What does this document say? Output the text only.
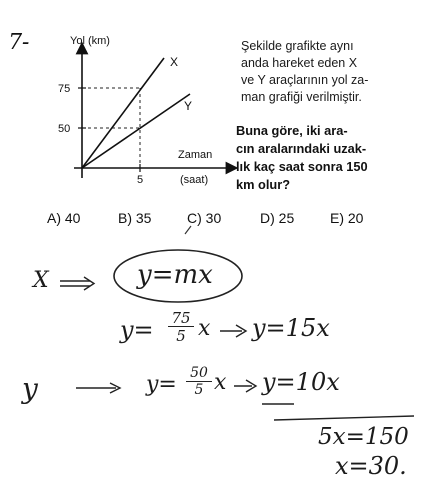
7-	Yol (km)
75
50
5
X
Y
Zaman
(saat)
Şekilde grafikte aynı
anda hareket eden X
ve Y araçlarının yol za-
man grafiği verilmiştir.
Buna göre, iki ara-
cın aralarındaki uzak-
lık kaç saat sonra 150
km olur?
A) 40	B) 35	C) 30	D) 25	E) 20
X	y=mx
y= 75
5 x y=15x
y	y= 50
5 x y=10x
5x=150
x=30.
